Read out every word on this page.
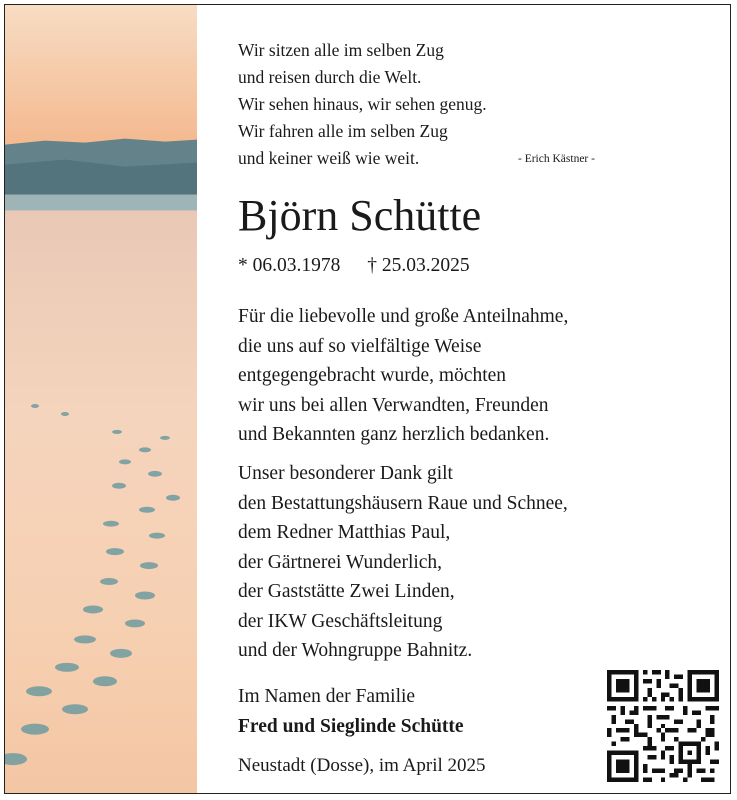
Wir sitzen alle im selben Zug
und reisen durch die Welt.
Wir sehen hinaus, wir sehen genug.
Wir fahren alle im selben Zug
und keiner weiß wie weit.	- Erich Kästner -
Björn Schütte
* 06.03.1978 † 25.03.2025
Für die liebevolle und große Anteilnahme,
die uns auf so vielfältige Weise
entgegengebracht wurde, möchten
wir uns bei allen Verwandten, Freunden
und Bekannten ganz herzlich bedanken.
Unser besonderer Dank gilt
den Bestattungshäusern Raue und Schnee,
dem Redner Matthias Paul,
der Gärtnerei Wunderlich,
der Gaststätte Zwei Linden,
der IKW Geschäftsleitung
und der Wohngruppe Bahnitz.
Im Namen der Familie
Fred und Sieglinde Schütte
Neustadt (Dosse), im April 2025
